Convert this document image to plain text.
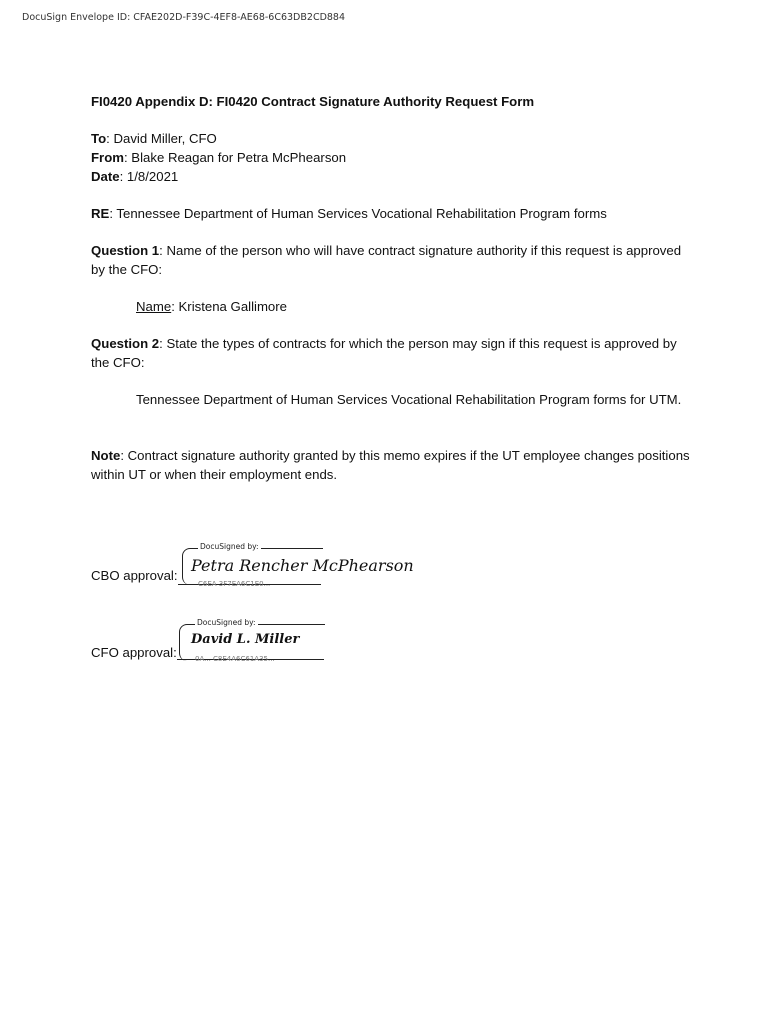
DocuSign Envelope ID: CFAE202D-F39C-4EF8-AE68-6C63DB2CD884
FI0420 Appendix D: FI0420 Contract Signature Authority Request Form
To: David Miller, CFO
From: Blake Reagan for Petra McPhearson
Date: 1/8/2021
RE: Tennessee Department of Human Services Vocational Rehabilitation Program forms
Question 1: Name of the person who will have contract signature authority if this request is approved by the CFO:
Name: Kristena Gallimore
Question 2: State the types of contracts for which the person may sign if this request is approved by the CFO:
Tennessee Department of Human Services Vocational Rehabilitation Program forms for UTM.
Note: Contract signature authority granted by this memo expires if the UT employee changes positions within UT or when their employment ends.
CBO approval:
DocuSigned by:
Petra Rencher McPhearson
C6EA 3F7EA6C1E0...
CFO approval:
DocuSigned by:
David L. Miller
0A... C8E4A6C61A35...
